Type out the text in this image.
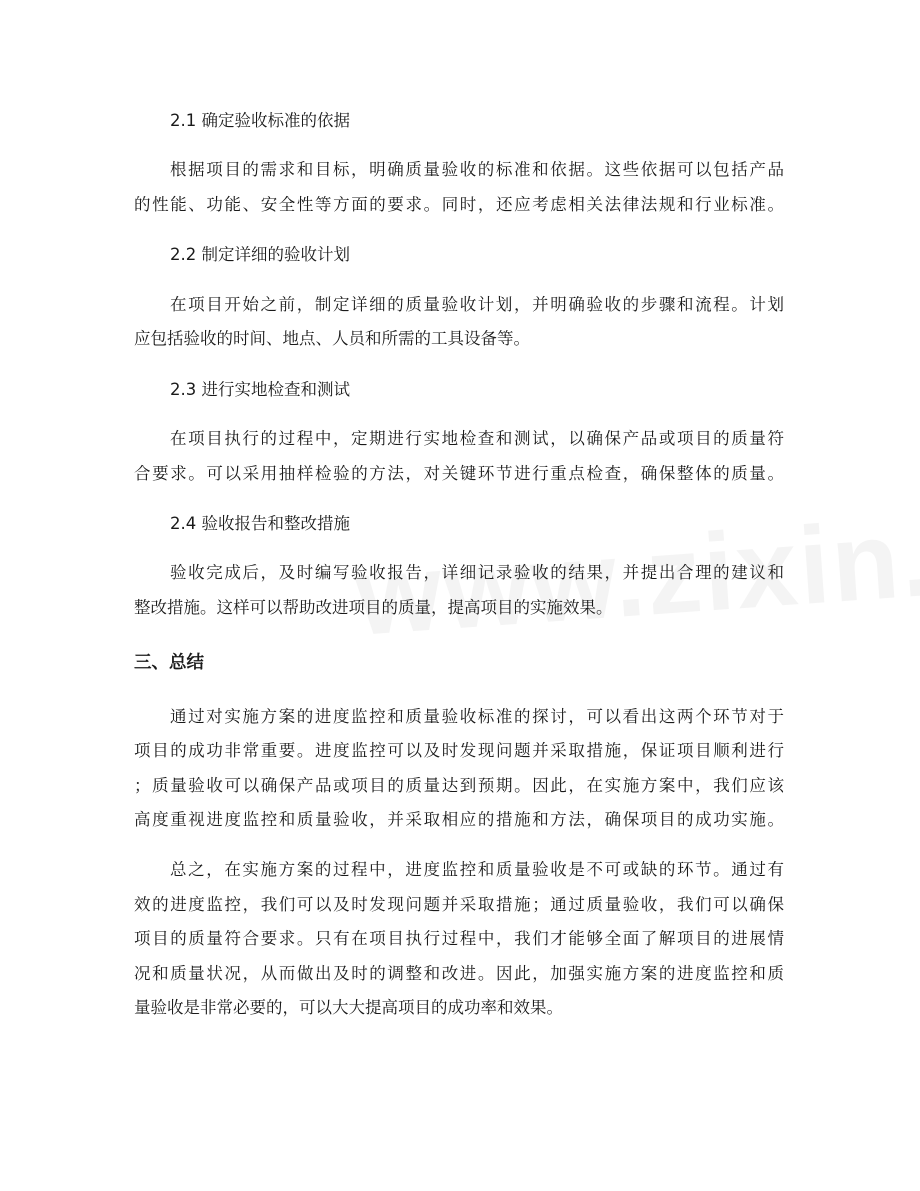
2.1 确定验收标准的依据
根据项目的需求和目标，明确质量验收的标准和依据。这些依据可以包括产品
的性能、功能、安全性等方面的要求。同时，还应考虑相关法律法规和行业标准。
2.2 制定详细的验收计划
在项目开始之前，制定详细的质量验收计划，并明确验收的步骤和流程。计划
应包括验收的时间、地点、人员和所需的工具设备等。
2.3 进行实地检查和测试
在项目执行的过程中，定期进行实地检查和测试，以确保产品或项目的质量符
合要求。可以采用抽样检验的方法，对关键环节进行重点检查，确保整体的质量。
2.4 验收报告和整改措施
验收完成后，及时编写验收报告，详细记录验收的结果，并提出合理的建议和
整改措施。这样可以帮助改进项目的质量，提高项目的实施效果。
三、总结
通过对实施方案的进度监控和质量验收标准的探讨，可以看出这两个环节对于
项目的成功非常重要。进度监控可以及时发现问题并采取措施，保证项目顺利进行
；质量验收可以确保产品或项目的质量达到预期。因此，在实施方案中，我们应该
高度重视进度监控和质量验收，并采取相应的措施和方法，确保项目的成功实施。
总之，在实施方案的过程中，进度监控和质量验收是不可或缺的环节。通过有
效的进度监控，我们可以及时发现问题并采取措施；通过质量验收，我们可以确保
项目的质量符合要求。只有在项目执行过程中，我们才能够全面了解项目的进展情
况和质量状况，从而做出及时的调整和改进。因此，加强实施方案的进度监控和质
量验收是非常必要的，可以大大提高项目的成功率和效果。
